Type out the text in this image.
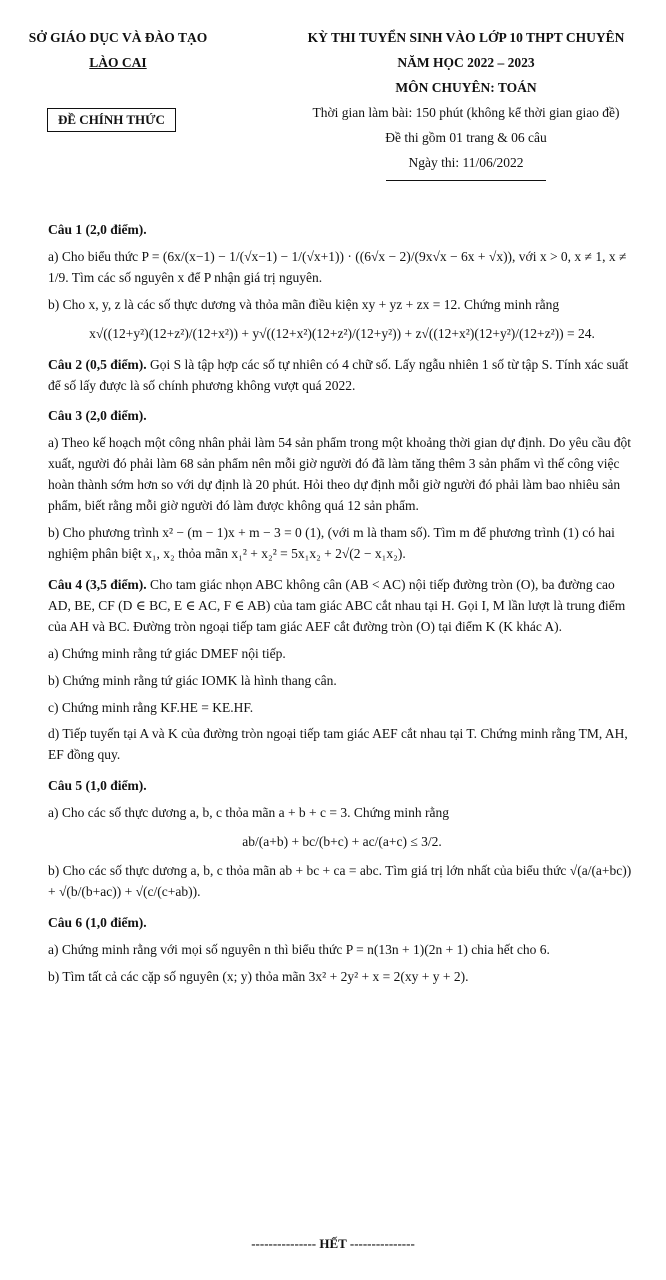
SỞ GIÁO DỤC VÀ ĐÀO TẠO
LÀO CAI
ĐỀ CHÍNH THỨC
KỲ THI TUYỂN SINH VÀO LỚP 10 THPT CHUYÊN
NĂM HỌC 2022 – 2023
MÔN CHUYÊN: TOÁN
Thời gian làm bài: 150 phút (không kể thời gian giao đề)
Đề thi gồm 01 trang & 06 câu
Ngày thi: 11/06/2022
Câu 1 (2,0 điểm).
a) Cho biểu thức P = (6x/(x−1) − 1/(√x−1) − 1/(√x+1)) · ((6√x − 2)/(9x√x − 6x + √x)), với x > 0, x ≠ 1, x ≠ 1/9. Tìm các số nguyên x để P nhận giá trị nguyên.
b) Cho x, y, z là các số thực dương và thỏa mãn điều kiện xy + yz + zx = 12. Chứng minh rằng
x√((12+y²)(12+z²)/(12+x²)) + y√((12+x²)(12+z²)/(12+y²)) + z√((12+x²)(12+y²)/(12+z²)) = 24.
Câu 2 (0,5 điểm). Gọi S là tập hợp các số tự nhiên có 4 chữ số. Lấy ngẫu nhiên 1 số từ tập S. Tính xác suất để số lấy được là số chính phương không vượt quá 2022.
Câu 3 (2,0 điểm).
a) Theo kế hoạch một công nhân phải làm 54 sản phẩm trong một khoảng thời gian dự định. Do yêu cầu đột xuất, người đó phải làm 68 sản phẩm nên mỗi giờ người đó đã làm tăng thêm 3 sản phẩm vì thế công việc hoàn thành sớm hơn so với dự định là 20 phút. Hỏi theo dự định mỗi giờ người đó phải làm bao nhiêu sản phẩm, biết rằng mỗi giờ người đó làm được không quá 12 sản phẩm.
b) Cho phương trình x² − (m − 1)x + m − 3 = 0 (1), (với m là tham số). Tìm m để phương trình (1) có hai nghiệm phân biệt x₁, x₂ thỏa mãn x₁² + x₂² = 5x₁x₂ + 2√(2 − x₁x₂).
Câu 4 (3,5 điểm). Cho tam giác nhọn ABC không cân (AB < AC) nội tiếp đường tròn (O), ba đường cao AD, BE, CF (D ∈ BC, E ∈ AC, F ∈ AB) của tam giác ABC cắt nhau tại H. Gọi I, M lần lượt là trung điểm của AH và BC. Đường tròn ngoại tiếp tam giác AEF cắt đường tròn (O) tại điểm K (K khác A).
a) Chứng minh rằng tứ giác DMEF nội tiếp.
b) Chứng minh rằng tứ giác IOMK là hình thang cân.
c) Chứng minh rằng KF.HE = KE.HF.
d) Tiếp tuyến tại A và K của đường tròn ngoại tiếp tam giác AEF cắt nhau tại T. Chứng minh rằng TM, AH, EF đồng quy.
Câu 5 (1,0 điểm).
a) Cho các số thực dương a, b, c thỏa mãn a + b + c = 3. Chứng minh rằng
ab/(a+b) + bc/(b+c) + ac/(a+c) ≤ 3/2.
b) Cho các số thực dương a, b, c thỏa mãn ab + bc + ca = abc. Tìm giá trị lớn nhất của biểu thức √(a/(a+bc)) + √(b/(b+ac)) + √(c/(c+ab)).
Câu 6 (1,0 điểm).
a) Chứng minh rằng với mọi số nguyên n thì biểu thức P = n(13n + 1)(2n + 1) chia hết cho 6.
b) Tìm tất cả các cặp số nguyên (x; y) thỏa mãn 3x² + 2y² + x = 2(xy + y + 2).
--------------- HẾT ---------------
